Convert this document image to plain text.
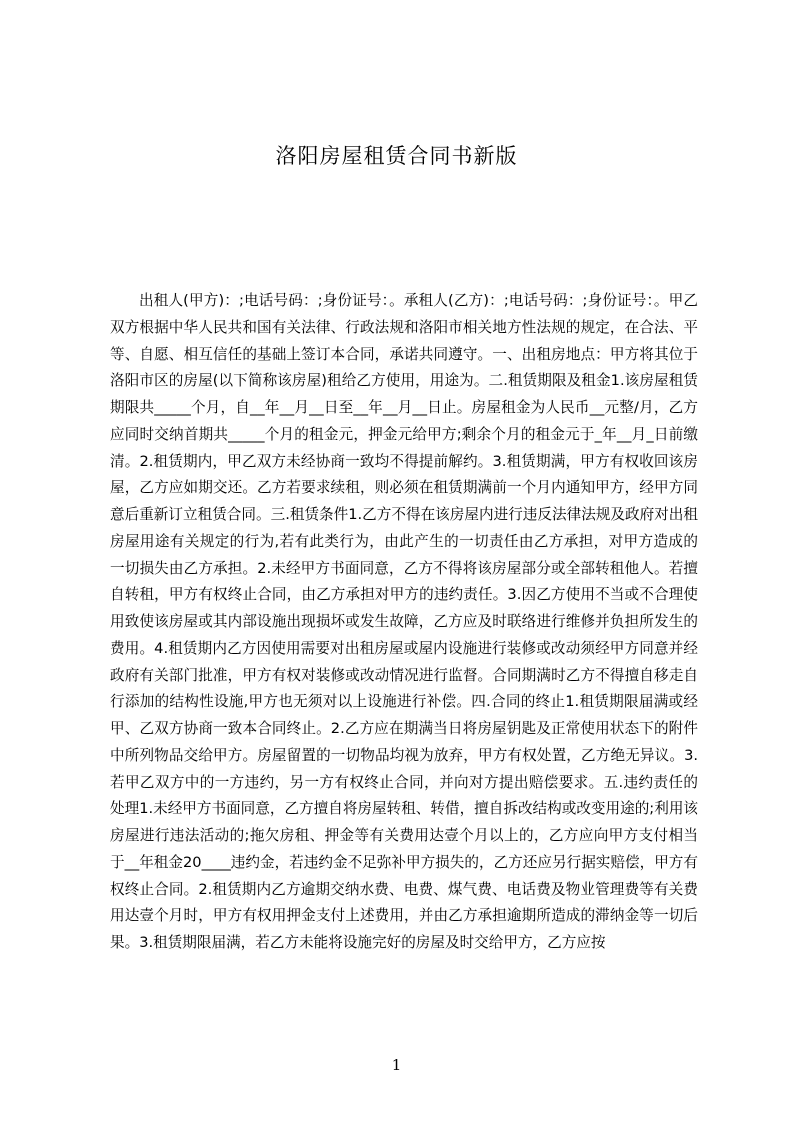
洛阳房屋租赁合同书新版

出租人(甲方)：;电话号码：;身份证号：。承租人(乙方)：;电话号码：;身份证号：。甲乙双方根据中华人民共和国有关法律、行政法规和洛阳市相关地方性法规的规定，在合法、平等、自愿、相互信任的基础上签订本合同，承诺共同遵守。一、出租房地点：甲方将其位于洛阳市区的房屋(以下简称该房屋)租给乙方使用，用途为。二.租赁期限及租金1.该房屋租赁期限共_____个月，自__年__月__日至__年__月__日止。房屋租金为人民币__元整/月，乙方应同时交纳首期共_____个月的租金元，押金元给甲方;剩余个月的租金元于_年__月_日前缴清。2.租赁期内，甲乙双方未经协商一致均不得提前解约。3.租赁期满，甲方有权收回该房屋，乙方应如期交还。乙方若要求续租，则必须在租赁期满前一个月内通知甲方，经甲方同意后重新订立租赁合同。三.租赁条件1.乙方不得在该房屋内进行违反法律法规及政府对出租房屋用途有关规定的行为,若有此类行为，由此产生的一切责任由乙方承担，对甲方造成的一切损失由乙方承担。2.未经甲方书面同意，乙方不得将该房屋部分或全部转租他人。若擅自转租，甲方有权终止合同，由乙方承担对甲方的违约责任。3.因乙方使用不当或不合理使用致使该房屋或其内部设施出现损坏或发生故障，乙方应及时联络进行维修并负担所发生的费用。4.租赁期内乙方因使用需要对出租房屋或屋内设施进行装修或改动须经甲方同意并经政府有关部门批准，甲方有权对装修或改动情况进行监督。合同期满时乙方不得擅自移走自行添加的结构性设施,甲方也无须对以上设施进行补偿。四.合同的终止1.租赁期限届满或经甲、乙双方协商一致本合同终止。2.乙方应在期满当日将房屋钥匙及正常使用状态下的附件中所列物品交给甲方。房屋留置的一切物品均视为放弃，甲方有权处置，乙方绝无异议。3.若甲乙双方中的一方违约，另一方有权终止合同，并向对方提出赔偿要求。五.违约责任的处理1.未经甲方书面同意，乙方擅自将房屋转租、转借，擅自拆改结构或改变用途的;利用该房屋进行违法活动的;拖欠房租、押金等有关费用达壹个月以上的，乙方应向甲方支付相当于__年租金20____违约金，若违约金不足弥补甲方损失的，乙方还应另行据实赔偿，甲方有权终止合同。2.租赁期内乙方逾期交纳水费、电费、煤气费、电话费及物业管理费等有关费用达壹个月时，甲方有权用押金支付上述费用，并由乙方承担逾期所造成的滞纳金等一切后果。3.租赁期限届满，若乙方未能将设施完好的房屋及时交给甲方，乙方应按

1
